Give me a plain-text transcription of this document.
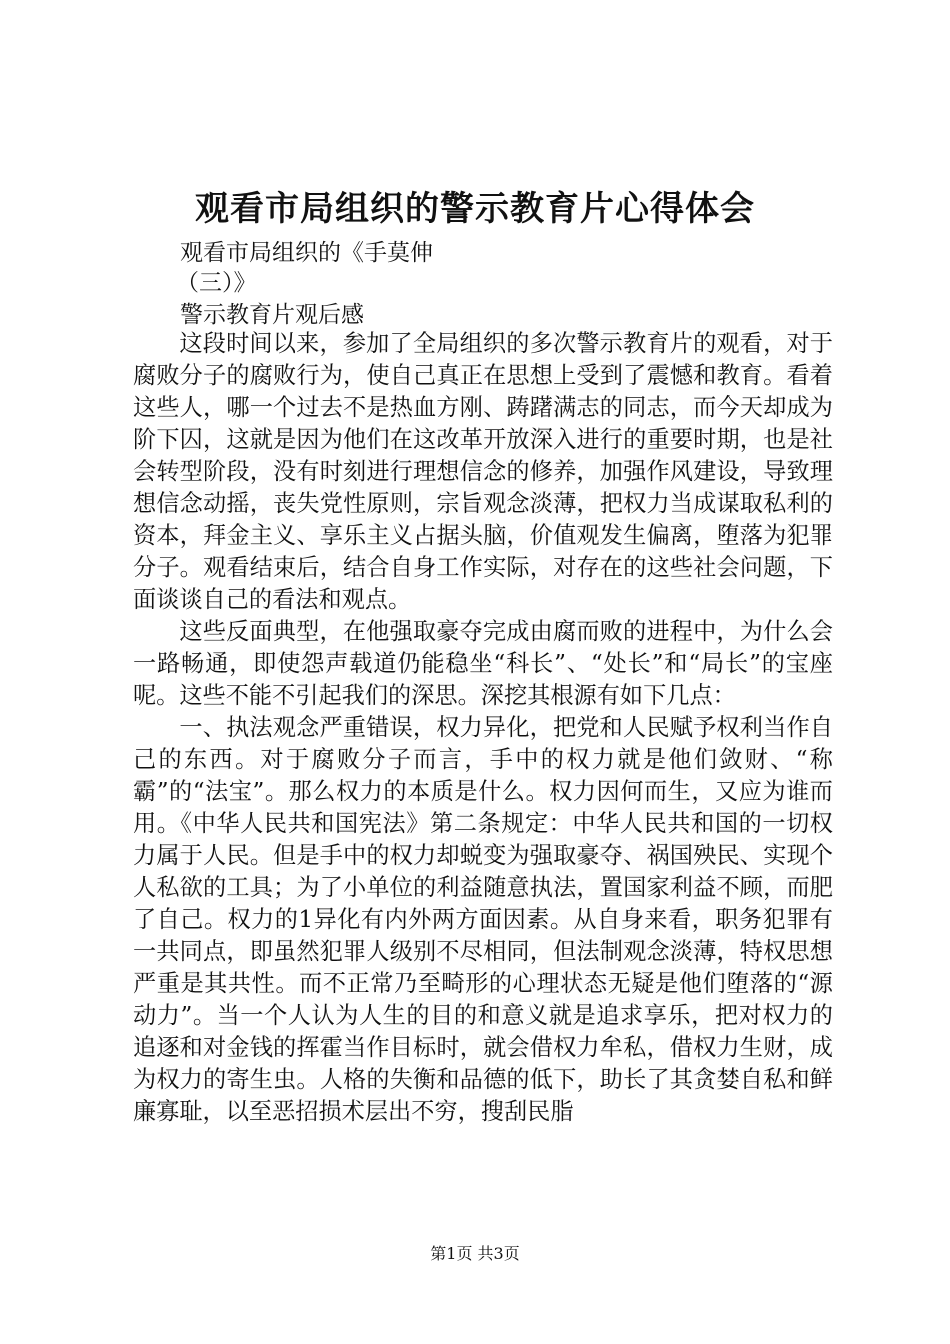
观看市局组织的警示教育片心得体会
观看市局组织的《手莫伸
（三）》
警示教育片观后感

这段时间以来，参加了全局组织的多次警示教育片的观看，对于腐败分子的腐败行为，使自己真正在思想上受到了震憾和教育。看着这些人，哪一个过去不是热血方刚、踌躇满志的同志，而今天却成为阶下囚，这就是因为他们在这改革开放深入进行的重要时期，也是社会转型阶段，没有时刻进行理想信念的修养，加强作风建设，导致理想信念动摇，丧失党性原则，宗旨观念淡薄，把权力当成谋取私利的资本，拜金主义、享乐主义占据头脑，价值观发生偏离，堕落为犯罪分子。观看结束后，结合自身工作实际，对存在的这些社会问题，下面谈谈自己的看法和观点。

这些反面典型，在他强取豪夺完成由腐而败的进程中，为什么会一路畅通，即使怨声载道仍能稳坐“科长”、“处长”和“局长”的宝座呢。这些不能不引起我们的深思。深挖其根源有如下几点：

一、执法观念严重错误，权力异化，把党和人民赋予权利当作自己的东西。对于腐败分子而言，手中的权力就是他们敛财、“称霸”的“法宝”。那么权力的本质是什么。权力因何而生，又应为谁而用。《中华人民共和国宪法》第二条规定：中华人民共和国的一切权力属于人民。但是手中的权力却蜕变为强取豪夺、祸国殃民、实现个人私欲的工具；为了小单位的利益随意执法，置国家利益不顾，而肥了自己。权力的1异化有内外两方面因素。从自身来看，职务犯罪有一共同点，即虽然犯罪人级别不尽相同，但法制观念淡薄，特权思想严重是其共性。而不正常乃至畸形的心理状态无疑是他们堕落的“源动力”。当一个人认为人生的目的和意义就是追求享乐，把对权力的追逐和对金钱的挥霍当作目标时，就会借权力牟私，借权力生财，成为权力的寄生虫。人格的失衡和品德的低下，助长了其贪婪自私和鲜廉寡耻，以至恶招损术层出不穷，搜刮民脂

第1页 共3页
